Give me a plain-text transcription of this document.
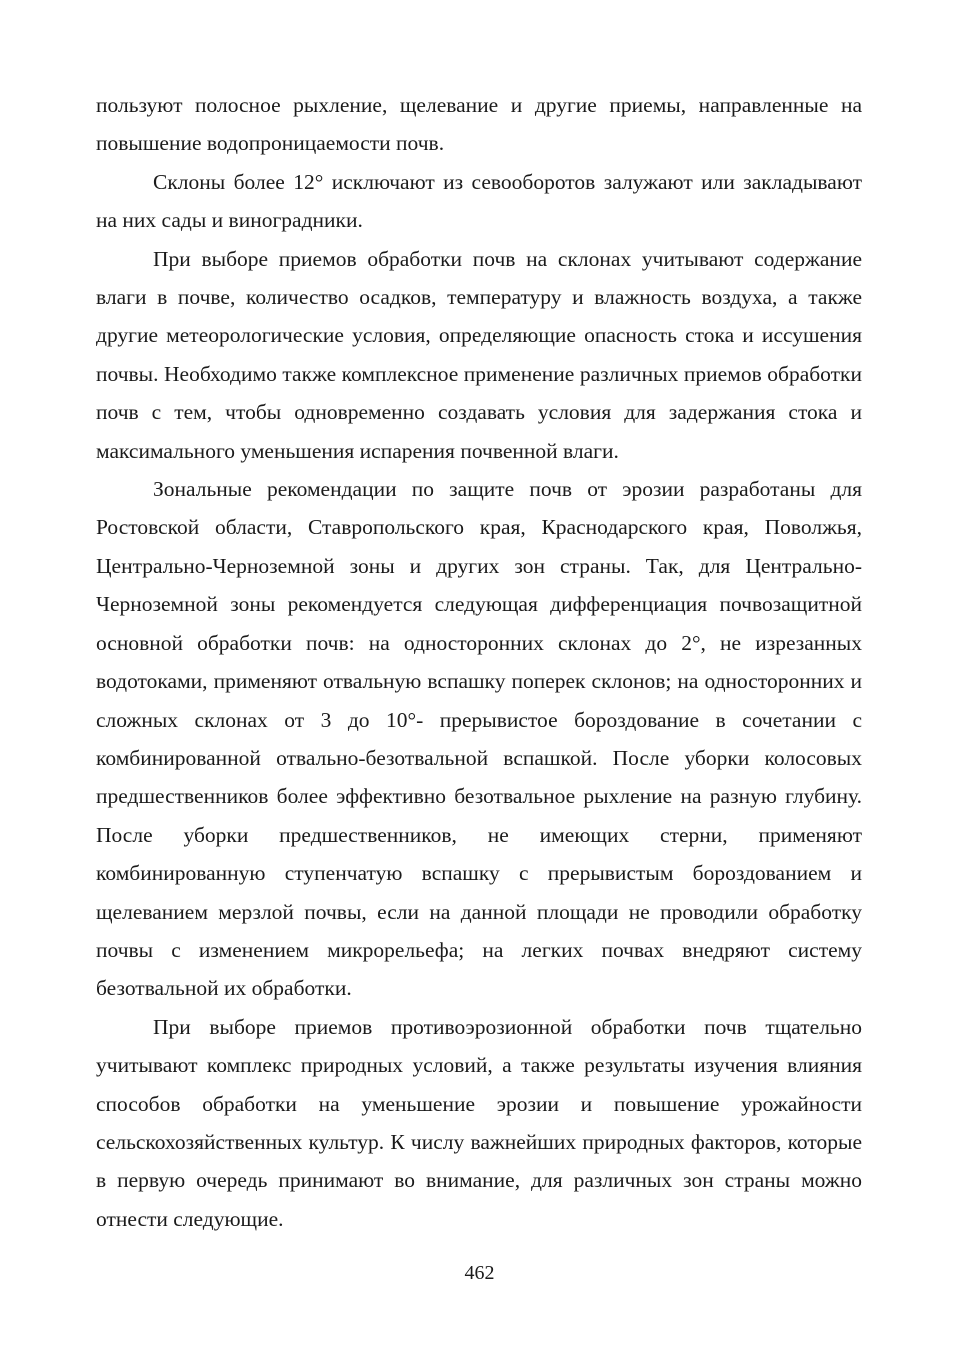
пользуют полосное рыхление, щелевание и другие приемы, направленные на повышение водопроницаемости почв.

Склоны более 12° исключают из севооборотов залужают или закладывают на них сады и виноградники.

При выборе приемов обработки почв на склонах учитывают содержание влаги в почве, количество осадков, температуру и влажность воздуха, а также другие метеорологические условия, определяющие опасность стока и иссушения почвы. Необходимо также комплексное применение различных приемов обработки почв с тем, чтобы одновременно создавать условия для задержания стока и максимального уменьшения испарения почвенной влаги.

Зональные рекомендации по защите почв от эрозии разработаны для Ростовской области, Ставропольского края, Краснодарского края, Поволжья, Центрально-Черноземной зоны и других зон страны. Так, для Центрально-Черноземной зоны рекомендуется следующая дифференциация почвозащитной основной обработки почв: на односторонних склонах до 2°, не изрезанных водотоками, применяют отвальную вспашку поперек склонов; на односторонних и сложных склонах от 3 до 10°- прерывистое бороздование в сочетании с комбинированной отвально-безотвальной вспашкой. После уборки колосовых предшественников более эффективно безотвальное рыхление на разную глубину. После уборки предшественников, не имеющих стерни, применяют комбинированную ступенчатую вспашку с прерывистым бороздованием и щелеванием мерзлой почвы, если на данной площади не проводили обработку почвы с изменением микрорельефа; на легких почвах внедряют систему безотвальной их обработки.

При выборе приемов противоэрозионной обработки почв тщательно учитывают комплекс природных условий, а также результаты изучения влияния способов обработки на уменьшение эрозии и повышение урожайности сельскохозяйственных культур. К числу важнейших природных факторов, которые в первую очередь принимают во внимание, для различных зон страны можно отнести следующие.

462
